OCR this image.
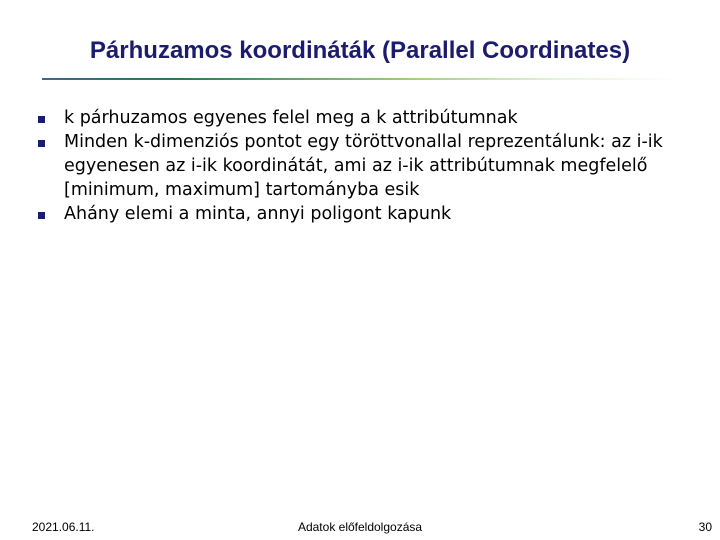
Párhuzamos koordináták (Parallel Coordinates)
k párhuzamos egyenes felel meg a k attribútumnak
Minden k-dimenziós pontot egy töröttvonallal reprezentálunk: az i-ik egyenesen az i-ik koordinátát, ami az i-ik attribútumnak megfelelő [minimum, maximum] tartományba esik
Ahány elemi a minta, annyi poligont kapunk
2021.06.11.	Adatok előfeldolgozása	30
